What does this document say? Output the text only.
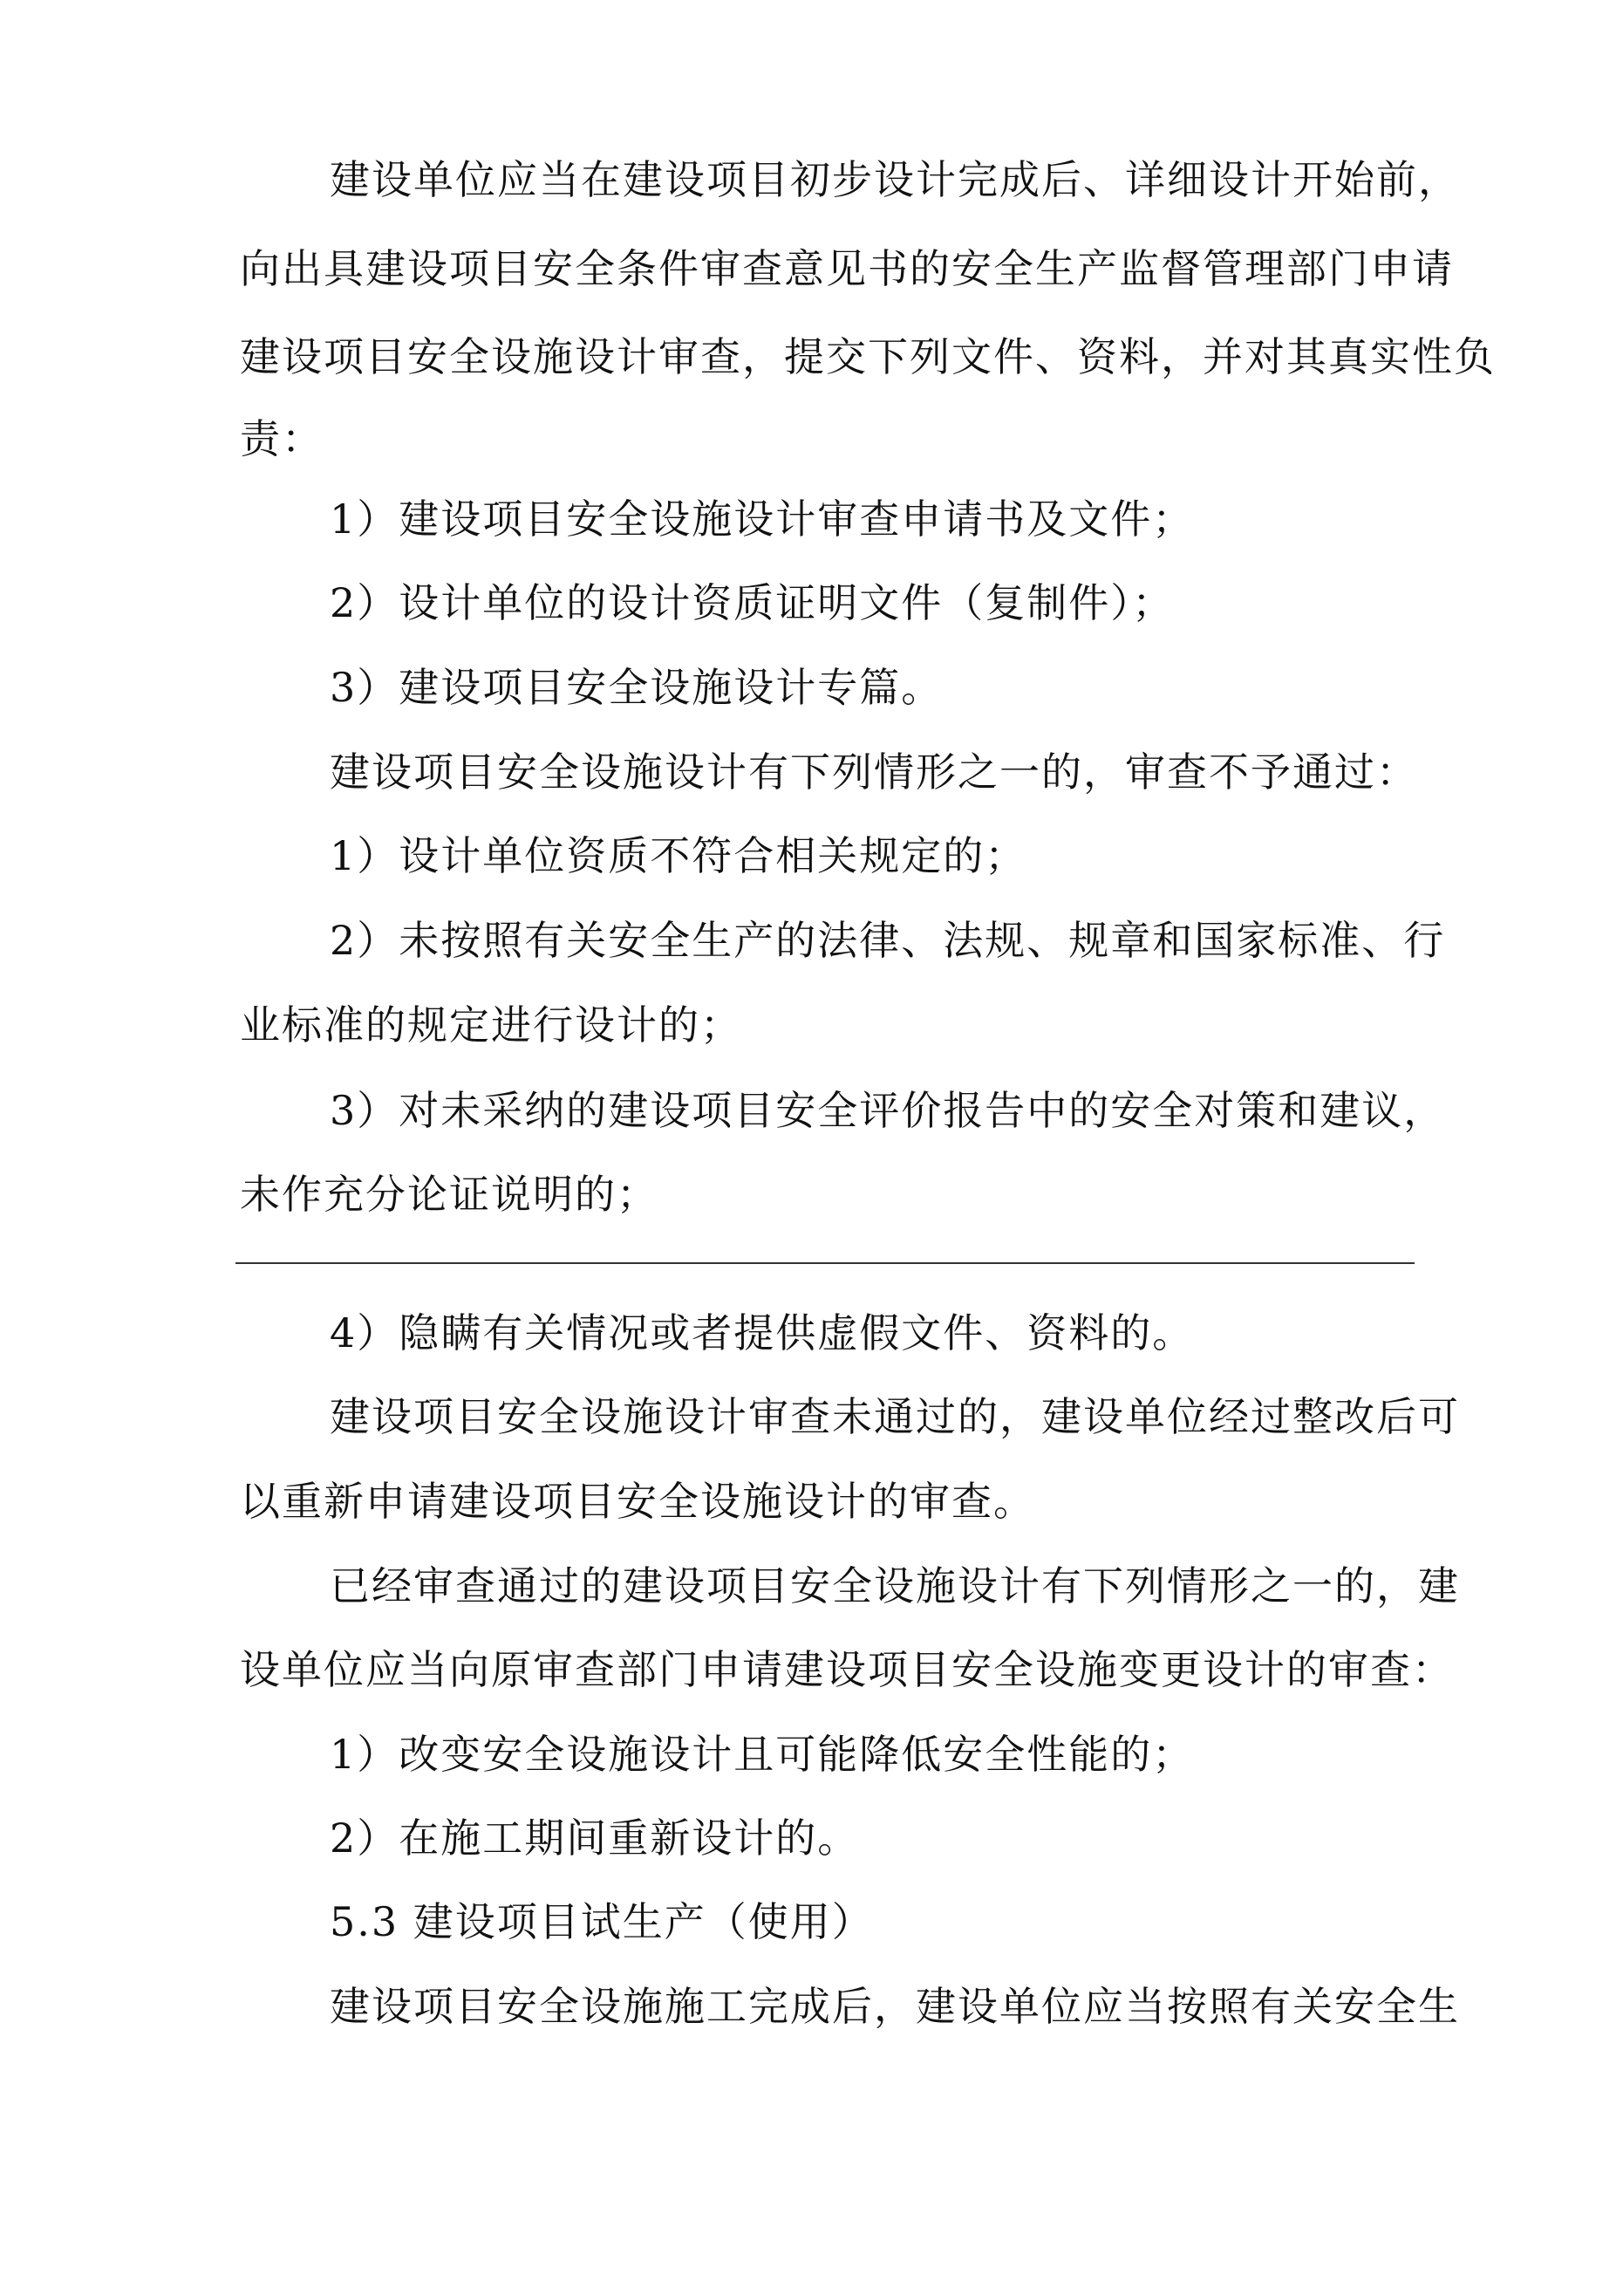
建设单位应当在建设项目初步设计完成后、详细设计开始前，
向出具建设项目安全条件审查意见书的安全生产监督管理部门申请
建设项目安全设施设计审查，提交下列文件、资料，并对其真实性负
责：
1）建设项目安全设施设计审查申请书及文件；
2）设计单位的设计资质证明文件（复制件）；
3）建设项目安全设施设计专篇。
建设项目安全设施设计有下列情形之一的，审查不予通过：
1）设计单位资质不符合相关规定的；
2）未按照有关安全生产的法律、法规、规章和国家标准、行
业标准的规定进行设计的；
3）对未采纳的建设项目安全评价报告中的安全对策和建议，
未作充分论证说明的；
4）隐瞒有关情况或者提供虚假文件、资料的。
建设项目安全设施设计审查未通过的，建设单位经过整改后可
以重新申请建设项目安全设施设计的审查。
已经审查通过的建设项目安全设施设计有下列情形之一的，建
设单位应当向原审查部门申请建设项目安全设施变更设计的审查：
1）改变安全设施设计且可能降低安全性能的；
2）在施工期间重新设计的。
5.3 建设项目试生产（使用）
建设项目安全设施施工完成后，建设单位应当按照有关安全生
